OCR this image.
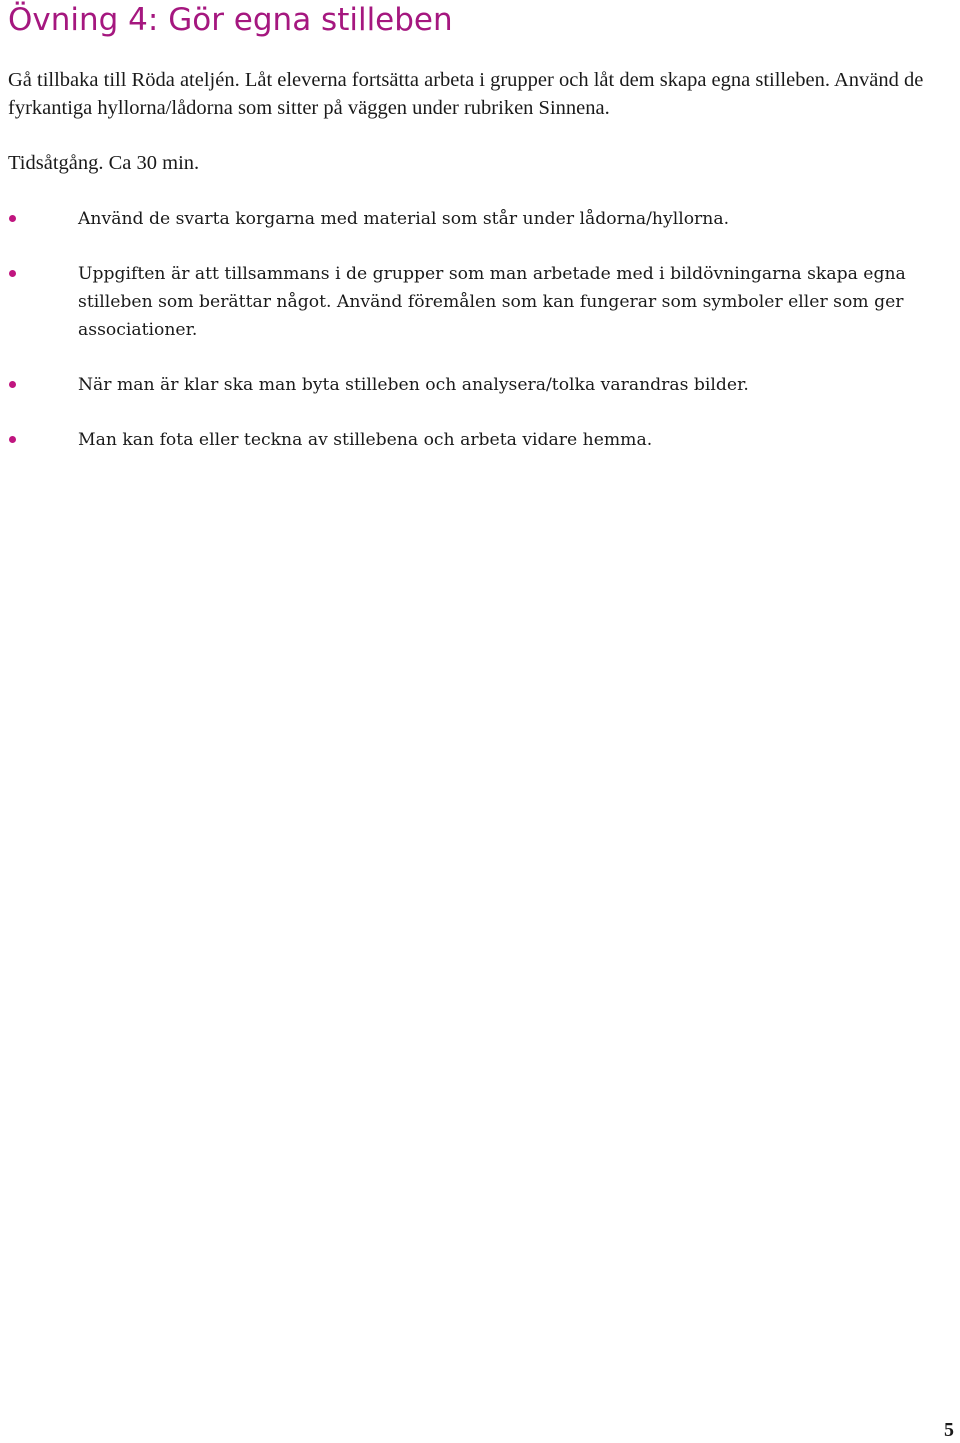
Övning 4: Gör egna stilleben

Gå tillbaka till Röda ateljén. Låt eleverna fortsätta arbeta i grupper och låt dem skapa egna stilleben. Använd de fyrkantiga hyllorna/lådorna som sitter på väggen under rubriken Sinnena.

Tidsåtgång. Ca 30 min.

Använd de svarta korgarna med material som står under lådorna/hyllorna.

Uppgiften är att tillsammans i de grupper som man arbetade med i bildövningarna skapa egna stilleben som berättar något. Använd föremålen som kan fungerar som symboler eller som ger associationer.

När man är klar ska man byta stilleben och analysera/tolka varandras bilder.

Man kan fota eller teckna av stillebena och arbeta vidare hemma.

5
